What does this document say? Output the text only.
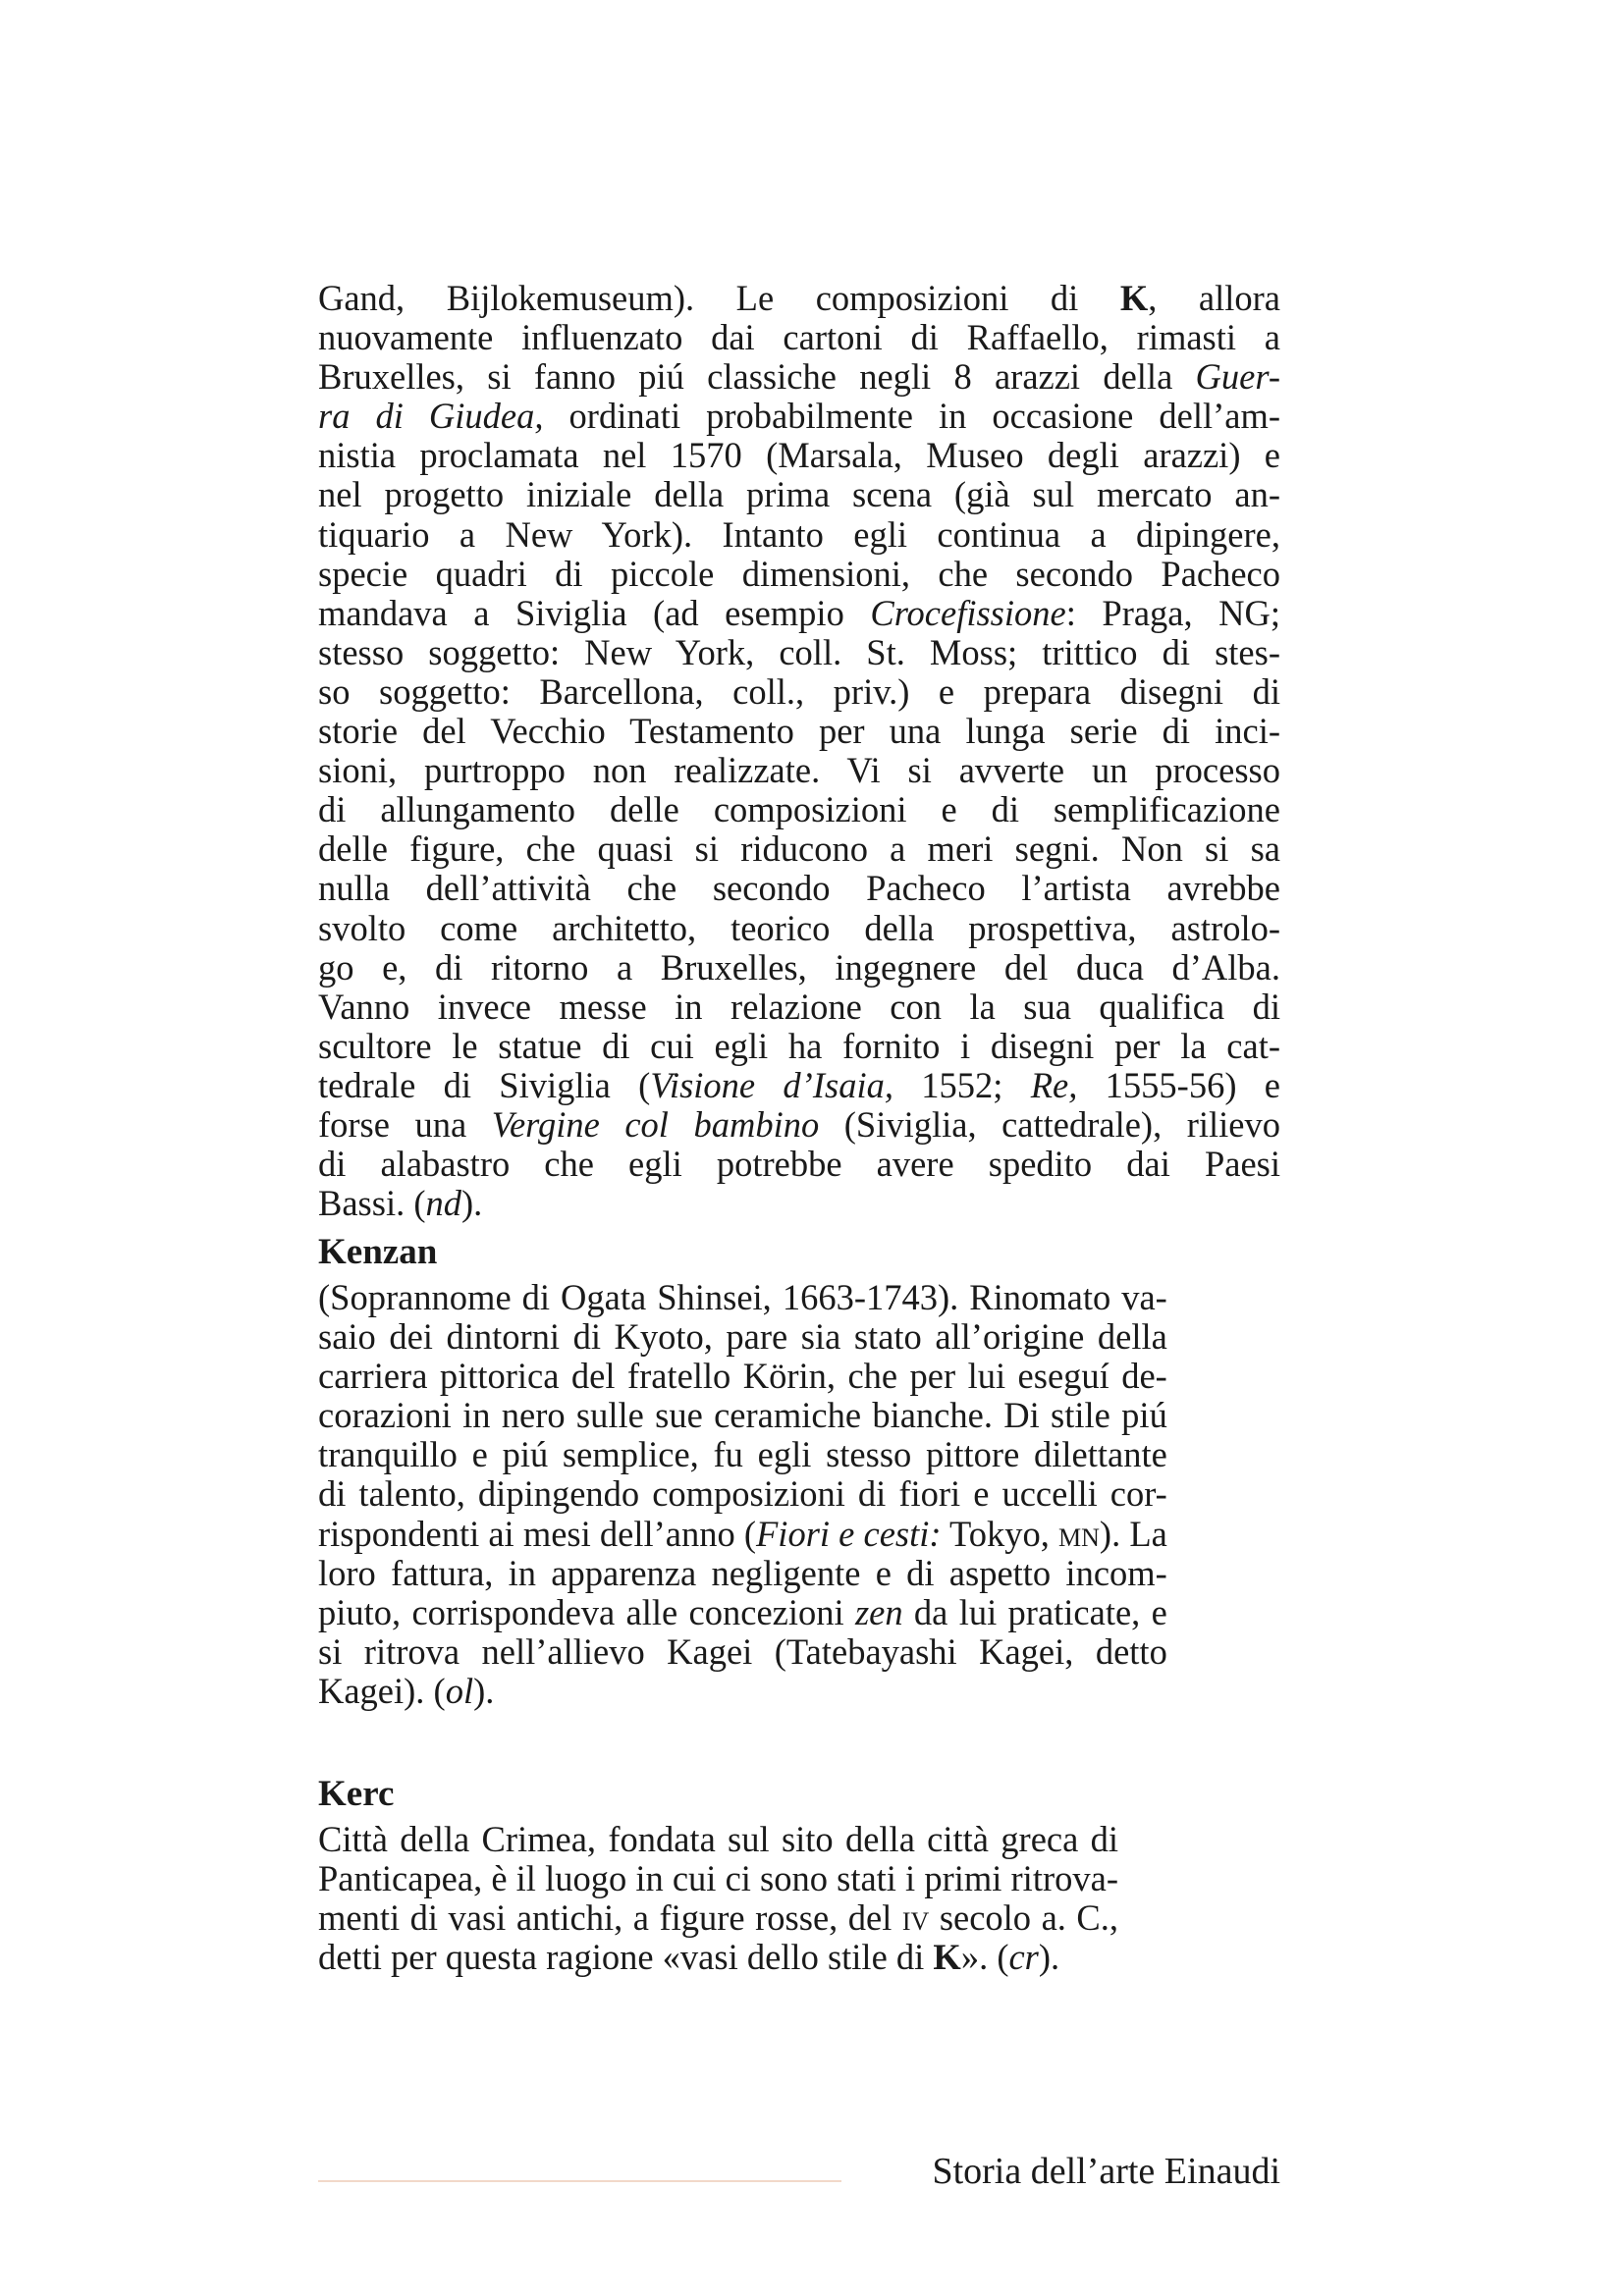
Gand, Bijlokemuseum). Le composizioni di K, allora
nuovamente influenzato dai cartoni di Raffaello, rimasti a
Bruxelles, si fanno piú classiche negli 8 arazzi della Guer-
ra di Giudea, ordinati probabilmente in occasione dell’am-
nistia proclamata nel 1570 (Marsala, Museo degli arazzi) e
nel progetto iniziale della prima scena (già sul mercato an-
tiquario a New York). Intanto egli continua a dipingere,
specie quadri di piccole dimensioni, che secondo Pacheco
mandava a Siviglia (ad esempio Crocefissione: Praga, NG;
stesso soggetto: New York, coll. St. Moss; trittico di stes-
so soggetto: Barcellona, coll., priv.) e prepara disegni di
storie del Vecchio Testamento per una lunga serie di inci-
sioni, purtroppo non realizzate. Vi si avverte un processo
di allungamento delle composizioni e di semplificazione
delle figure, che quasi si riducono a meri segni. Non si sa
nulla dell’attività che secondo Pacheco l’artista avrebbe
svolto come architetto, teorico della prospettiva, astrolo-
go e, di ritorno a Bruxelles, ingegnere del duca d’Alba.
Vanno invece messe in relazione con la sua qualifica di
scultore le statue di cui egli ha fornito i disegni per la cat-
tedrale di Siviglia (Visione d’Isaia, 1552; Re, 1555-56) e
forse una Vergine col bambino (Siviglia, cattedrale), rilievo
di alabastro che egli potrebbe avere spedito dai Paesi
Bassi. (nd).
Kenzan
(Soprannome di Ogata Shinsei, 1663-1743). Rinomato va-
saio dei dintorni di Kyoto, pare sia stato all’origine della
carriera pittorica del fratello Körin, che per lui eseguí de-
corazioni in nero sulle sue ceramiche bianche. Di stile piú
tranquillo e piú semplice, fu egli stesso pittore dilettante
di talento, dipingendo composizioni di fiori e uccelli cor-
rispondenti ai mesi dell’anno (Fiori e cesti: Tokyo, mn). La
loro fattura, in apparenza negligente e di aspetto incom-
piuto, corrispondeva alle concezioni zen da lui praticate, e
si ritrova nell’allievo Kagei (Tatebayashi Kagei, detto
Kagei). (ol).
Kerc
Città della Crimea, fondata sul sito della città greca di
Panticapea, è il luogo in cui ci sono stati i primi ritrova-
menti di vasi antichi, a figure rosse, del iv secolo a. C.,
detti per questa ragione «vasi dello stile di K». (cr).
Storia dell’arte Einaudi
